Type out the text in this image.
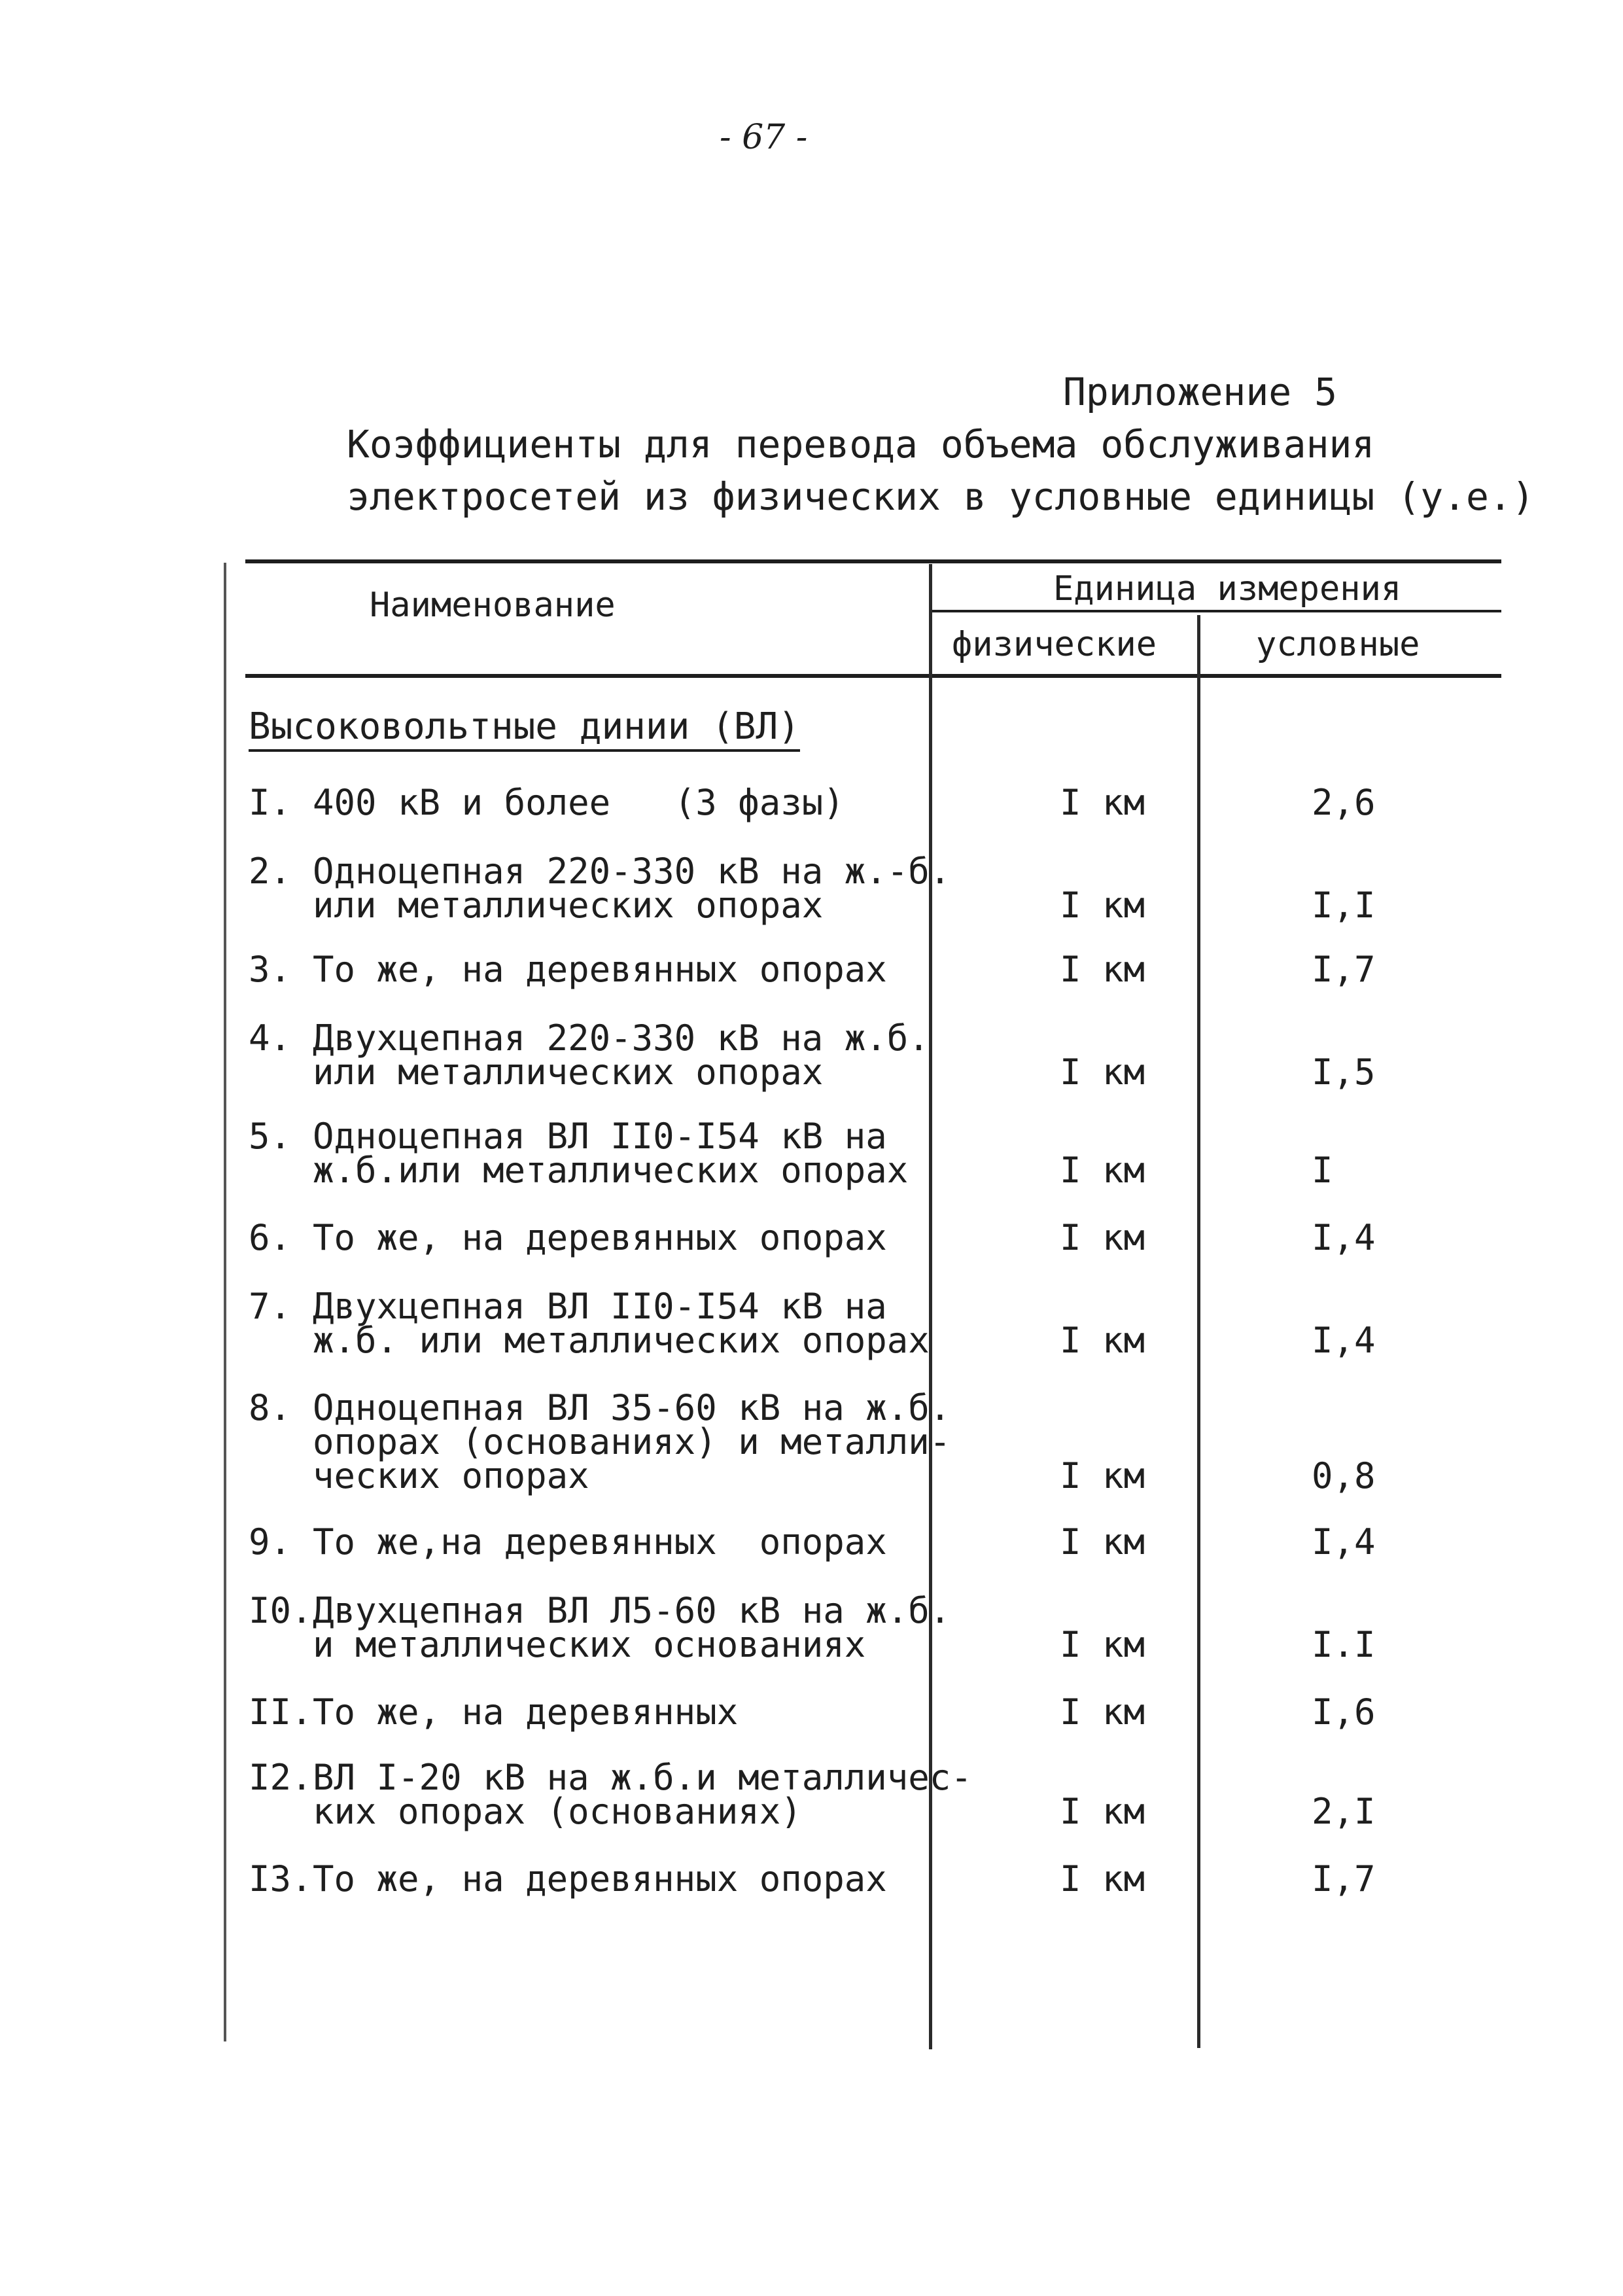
- 67 -
Приложение 5
Коэффициенты для перевода объема обслуживания
электросетей из физических в условные единицы (у.е.)
Наименование	Единица измерения
физические	условные
Высоковольтные динии (ВЛ)
I. 400 кВ и более   (3 фазы)	I км	2,6
2. Одноцепная 220-330 кВ на ж.-б.
или металлических опорах	I км	I,I
3. То же, на деревянных опорах	I км	I,7
4. Двухцепная 220-330 кВ на ж.б.
или металлических опорах	I км	I,5
5. Одноцепная ВЛ II0-I54 кВ на
ж.б.или металлических опорах	I км	I
6. То же, на деревянных опорах	I км	I,4
7. Двухцепная ВЛ II0-I54 кВ на
ж.б. или металлических опорах	I км	I,4
8. Одноцепная ВЛ 35-60 кВ на ж.б.
опорах (основаниях) и металли-
ческих опорах	I км	0,8
9. То же,на деревянных  опорах	I км	I,4
I0. Двухцепная ВЛ Л5-60 кВ на ж.б.
и металлических основаниях	I км	I.I
II. То же, на деревянных	I км	I,6
I2. ВЛ I-20 кВ на ж.б.и металличес-
ких опорах (основаниях)	I км	2,I
I3. То же, на деревянных опорах	I км	I,7
